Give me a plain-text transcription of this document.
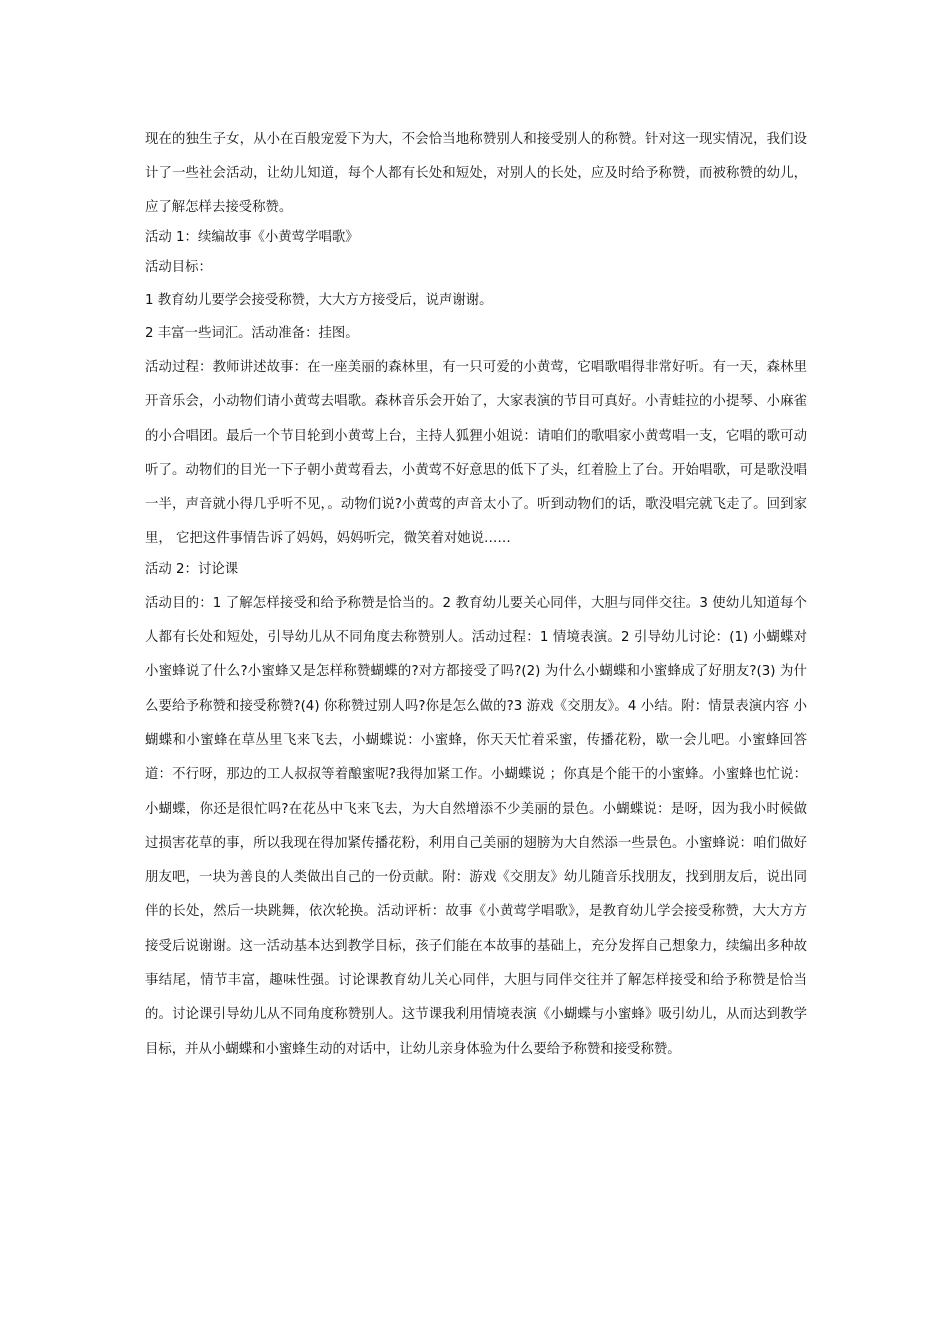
现在的独生子女，从小在百般宠爱下为大，不会恰当地称赞别人和接受别人的称赞。针对这一现实情况，我们设计了一些社会活动，让幼儿知道，每个人都有长处和短处，对别人的长处，应及时给予称赞，而被称赞的幼儿，应了解怎样去接受称赞。

活动 1：续编故事《小黄莺学唱歌》

活动目标：

1 教育幼儿要学会接受称赞，大大方方接受后，说声谢谢。

2 丰富一些词汇。活动准备：挂图。

活动过程：教师讲述故事：在一座美丽的森林里，有一只可爱的小黄莺，它唱歌唱得非常好听。有一天，森林里开音乐会，小动物们请小黄莺去唱歌。森林音乐会开始了，大家表演的节目可真好。小青蛙拉的小提琴、小麻雀的小合唱团。最后一个节目轮到小黄莺上台，主持人狐狸小姐说：请咱们的歌唱家小黄莺唱一支，它唱的歌可动听了。动物们的目光一下子朝小黄莺看去，小黄莺不好意思的低下了头，红着脸上了台。开始唱歌，可是歌没唱一半，声音就小得几乎听不见，。动物们说?小黄莺的声音太小了。听到动物们的话，歌没唱完就飞走了。回到家里， 它把这件事情告诉了妈妈，妈妈听完，微笑着对她说……

活动 2：讨论课

活动目的：1 了解怎样接受和给予称赞是恰当的。2 教育幼儿要关心同伴，大胆与同伴交往。3 使幼儿知道每个人都有长处和短处，引导幼儿从不同角度去称赞别人。活动过程：1 情境表演。2 引导幼儿讨论：(1) 小蝴蝶对小蜜蜂说了什么?小蜜蜂又是怎样称赞蝴蝶的?对方都接受了吗?(2) 为什么小蝴蝶和小蜜蜂成了好朋友?(3) 为什么要给予称赞和接受称赞?(4) 你称赞过别人吗?你是怎么做的?3 游戏《交朋友》。4 小结。附：情景表演内容 小蝴蝶和小蜜蜂在草丛里飞来飞去，小蝴蝶说：小蜜蜂，你天天忙着采蜜，传播花粉，歇一会儿吧。小蜜蜂回答道：不行呀，那边的工人叔叔等着酿蜜呢?我得加紧工作。小蝴蝶说 ；你真是个能干的小蜜蜂。小蜜蜂也忙说：小蝴蝶，你还是很忙吗?在花丛中飞来飞去，为大自然增添不少美丽的景色。小蝴蝶说：是呀，因为我小时候做过损害花草的事，所以我现在得加紧传播花粉，利用自己美丽的翅膀为大自然添一些景色。小蜜蜂说：咱们做好朋友吧，一块为善良的人类做出自己的一份贡献。附：游戏《交朋友》幼儿随音乐找朋友，找到朋友后，说出同伴的长处，然后一块跳舞，依次轮换。活动评析：故事《小黄莺学唱歌》，是教育幼儿学会接受称赞，大大方方接受后说谢谢。这一活动基本达到教学目标，孩子们能在本故事的基础上，充分发挥自己想象力，续编出多种故事结尾，情节丰富，趣味性强。讨论课教育幼儿关心同伴，大胆与同伴交往并了解怎样接受和给予称赞是恰当的。讨论课引导幼儿从不同角度称赞别人。这节课我利用情境表演《小蝴蝶与小蜜蜂》吸引幼儿，从而达到教学目标，并从小蝴蝶和小蜜蜂生动的对话中，让幼儿亲身体验为什么要给予称赞和接受称赞。
